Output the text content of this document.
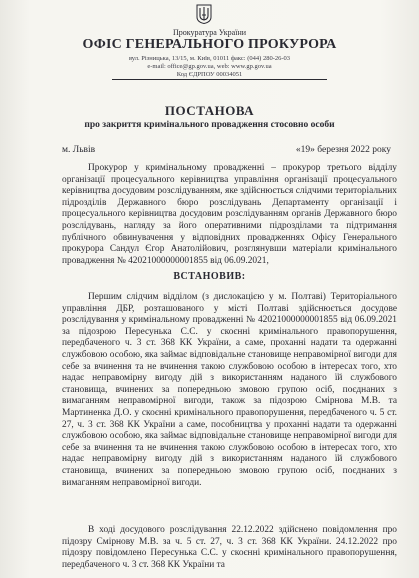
Прокуратура України
ОФІС ГЕНЕРАЛЬНОГО ПРОКУРОРА
вул. Різницька, 13/15, м. Київ, 01011 факс: (044) 280-26-03
e-mail: office@gp.gov.ua, web: www.gp.gov.ua
Код ЄДРПОУ 00034051
ПОСТАНОВА
про закриття кримінального провадження стосовно особи
м. Львів	«19» березня 2022 року
Прокурор у кримінальному провадженні – прокурор третього відділу організації процесуального керівництва управління організації процесуального керівництва досудовим розслідуванням, яке здійснюється слідчими територіальних підрозділів Державного бюро розслідувань Департаменту організації і процесуального керівництва досудовим розслідуванням органів Державного бюро розслідувань, нагляду за його оперативними підрозділами та підтримання публічного обвинувачення у відповідних провадженнях Офісу Генерального прокурора Сандул Єгор Анатолійович, розглянувши матеріали кримінального провадження № 42021000000001855 від 06.09.2021,
ВСТАНОВИВ:
Першим слідчим відділом (з дислокацією у м. Полтаві) Територіального управління ДБР, розташованого у місті Полтаві здійснюється досудове розслідування у кримінальному провадженні № 42021000000001855 від 06.09.2021 за підозрою Пересунька С.С. у скоєнні кримінального правопорушення, передбаченого ч. 3 ст. 368 КК України, а саме, проханні надати та одержанні службовою особою, яка займає відповідальне становище неправомірної вигоди для себе за вчинення та не вчинення такою службовою особою в інтересах того, хто надає неправомірну вигоду дій з використанням наданого їй службового становища, вчинених за попередньою змовою групою осіб, поєднаних з вимаганням неправомірної вигоди, також за підозрою Смірнова М.В. та Мартиненка Д.О. у скоєнні кримінального правопорушення, передбаченого ч. 5 ст. 27, ч. 3 ст. 368 КК України а саме, пособництва у проханні надати та одержанні службовою особою, яка займає відповідальне становище неправомірної вигоди для себе за вчинення та не вчинення такою службовою особою в інтересах того, хто надає неправомірну вигоду дій з використанням наданого їй службового становища, вчинених за попередньою змовою групою осіб, поєднаних з вимаганням неправомірної вигоди.
В ході досудового розслідування 22.12.2022 здійснено повідомлення про підозру Смірнову М.В. за ч. 5 ст. 27, ч. 3 ст. 368 КК України. 24.12.2022 про підозру повідомлено Пересунька С.С. у скоєнні кримінального правопорушення, передбаченого ч. 3 ст. 368 КК України та
